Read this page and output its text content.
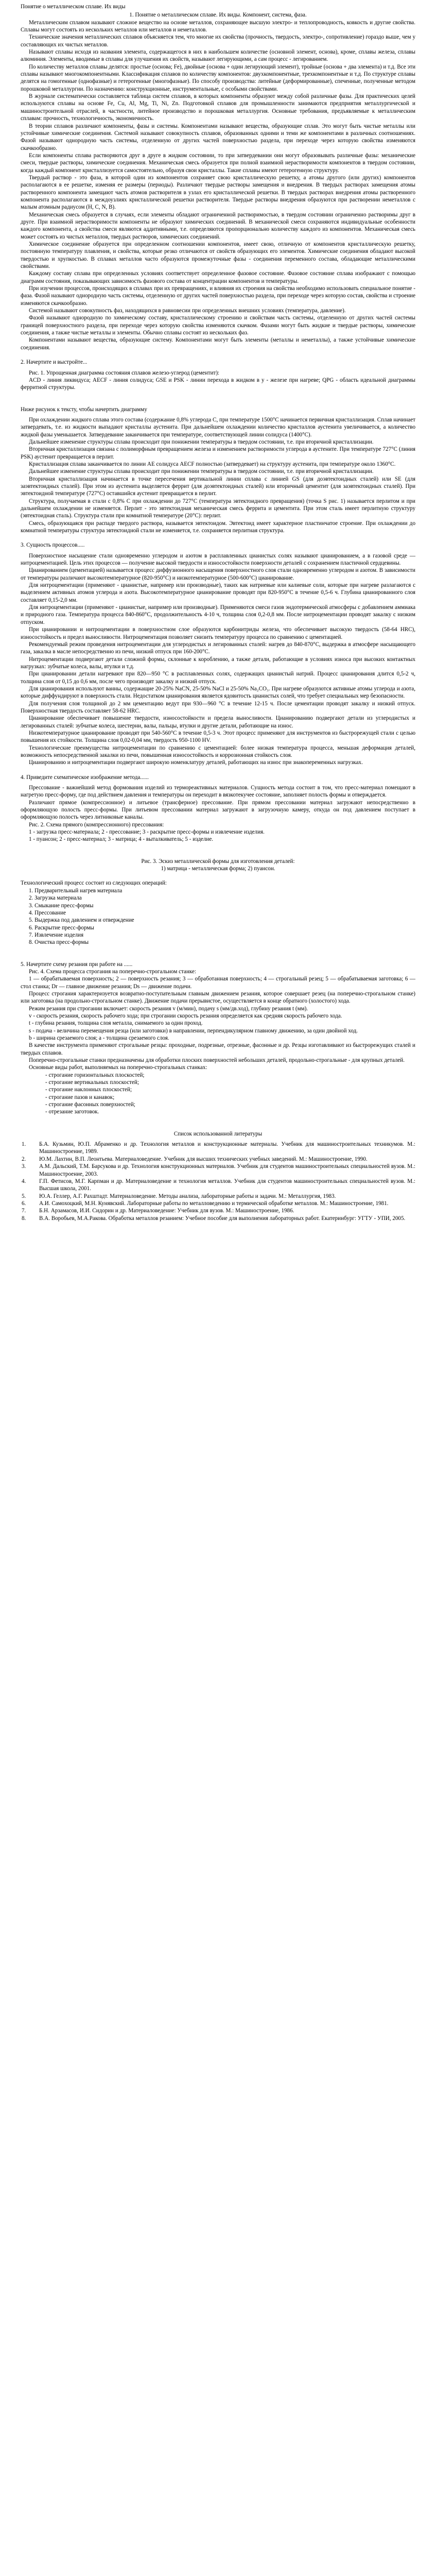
Понятие о металлическом сплаве. Их виды
1. Понятие о металлическом сплаве. Их виды. Компонент, система, фаза.

Металлическим сплавом называют сложное вещество на основе металлов, сохраняющее высшую электро- и теплопроводность, ковкость и другие свойства. Сплавы могут состоять из нескольких металлов или металлов и неметаллов.

Технические значения металлических сплавов объясняется тем, что многие их свойства (прочность, твердость, электро-, сопротивление) гораздо выше, чем у составляющих их чистых металлов.

Называют сплавы исходя из названия элемента, содержащегося в них в наибольшем количестве (основной элемент, основа), кроме, сплавы железа, сплавы алюминия. Элементы, вводимые в сплавы для улучшения их свойств, называют легирующими, а сам процесс - легированием.

По количеству металлов сплавы делятся: простые (основа; Fe), двойные (основа + один легирующий элемент), тройные (основа + два элемента) и т.д. Все эти сплавы называют многокомпонентными. Классификация сплавов по количеству компонентов: двухкомпонентные, трехкомпонентные и т.д. По структуре сплавы делятся на гомогенные (однофазные) и гетерогенные (многофазные). По способу производства: литейные (деформированные), спеченные, полученные методом порошковой металлургии. По назначению: конструкционные, инструментальные, с особыми свойствами.

В журнале систематически составляется таблица систем сплавов, в которых компоненты образуют между собой различные фазы. Для практических целей используются сплавы на основе Fe, Cu, Al, Mg, Ti, Ni, Zn. Подготовкой сплавов для промышленности занимаются предприятия металлургической и машиностроительной отраслей, в частности, литейное производство и порошковая металлургия. Основные требования, предъявляемые к металлическим сплавам: прочность, технологичность, экономичность.

В теории сплавов различают компоненты, фазы и системы. Компонентами называют вещества, образующие сплав. Это могут быть чистые металлы или устойчивые химические соединения. Системой называют совокупность сплавов, образованных одними и теми же компонентами в различных соотношениях. Фазой называют однородную часть системы, отделенную от других частей поверхностью раздела, при переходе через которую свойства изменяются скачкообразно.

Если компоненты сплава растворяются друг в друге в жидком состоянии, то при затвердевании они могут образовывать различные фазы: механические смеси, твердые растворы, химические соединения. Механическая смесь образуется при полной взаимной нерастворимости компонентов в твердом состоянии, когда каждый компонент кристаллизуется самостоятельно, образуя свои кристаллы. Такие сплавы имеют гетерогенную структуру.

Твердый раствор - это фаза, в которой один из компонентов сохраняет свою кристаллическую решетку, а атомы другого (или других) компонентов располагаются в ее решетке, изменяя ее размеры (периоды). Различают твердые растворы замещения и внедрения. В твердых растворах замещения атомы растворенного компонента замещают часть атомов растворителя в узлах его кристаллической решетки. В твердых растворах внедрения атомы растворенного компонента располагаются в междоузлиях кристаллической решетки растворителя. Твердые растворы внедрения образуются при растворении неметаллов с малым атомным радиусом (H, C, N, B).

Механическая смесь образуется в случаях, если элементы обладают ограниченной растворимостью, в твердом состоянии ограниченно растворимы друг в друге. При взаимной нерастворимости компоненты не образуют химических соединений. В механической смеси сохраняются индивидуальные особенности каждого компонента, а свойства смеси являются аддитивными, т.е. определяются пропорционально количеству каждого из компонентов. Механическая смесь может состоять из чистых металлов, твердых растворов, химических соединений.

Химическое соединение образуется при определенном соотношении компонентов, имеет свою, отличную от компонентов кристаллическую решетку, постоянную температуру плавления, и свойства, которые резко отличаются от свойств образующих его элементов. Химические соединения обладают высокой твердостью и хрупкостью. В сплавах металлов часто образуются промежуточные фазы - соединения переменного состава, обладающие металлическими свойствами.

Каждому составу сплава при определенных условиях соответствует определенное фазовое состояние. Фазовое состояние сплава изображают с помощью диаграмм состояния, показывающих зависимость фазового состава от концентрации компонентов и температуры.

При изучении процессов, происходящих в сплавах при их превращениях, и влияния их строения на свойства необходимо использовать специальное понятие - фаза. Фазой называют однородную часть системы, отделенную от других частей поверхностью раздела, при переходе через которую состав, свойства и строение изменяются скачкообразно.

Системой называют совокупность фаз, находящихся в равновесии при определенных внешних условиях (температура, давление).

Фазой называют однородную по химическому составу, кристаллическому строению и свойствам часть системы, отделенную от других частей системы границей поверхностного раздела, при переходе через которую свойства изменяются скачком. Фазами могут быть жидкие и твердые растворы, химические соединения, а также чистые металлы и элементы. Обычно сплавы состоят из нескольких фаз.

Компонентами называют вещества, образующие систему. Компонентами могут быть элементы (металлы и неметаллы), а также устойчивые химические соединения.

2. Начертите и выстройте...

Рис. 1. Упрощенная диаграмма состояния сплавов железо-углерод (цементит):

ACD - линия ликвидуса; AECF - линия солидуса; GSE и PSK - линии перехода в жидком в у - железе при нагреве; QPG - область идеальной диаграммы ферритной структуры.

Ниже рисунок к тексту, чтобы начертить диаграмму

При охлаждении жидкого сплава этого состава (содержание 0,8% углерода С, при температуре 1500°С начинается первичная кристаллизация. Сплав начинает затвердевать, т.е. из жидкости выпадают кристаллы аустенита. При дальнейшем охлаждении количество кристаллов аустенита увеличивается, а количество жидкой фазы уменьшается. Затвердевание заканчивается при температуре, соответствующей линии солидуса (1400°С).

Дальнейшее изменение структуры сплава происходит при понижении температуры в твердом состоянии, т.е. при вторичной кристаллизации.

Вторичная кристаллизация связана с полиморфным превращением железа и изменением растворимости углерода в аустените. При температуре 727°С (линия PSK) аустенит превращается в перлит.

Кристаллизация сплава заканчивается по линии AE солидуса AECF полностью (затвердевает) на структуру аустенита, при температуре около 1360°С.

Дальнейшее изменение структуры сплава происходит при понижении температуры в твердом состоянии, т.е. при вторичной кристаллизации.

Вторичная кристаллизация начинается в точке пересечения вертикальной линии сплава с линией GS (для доэвтектоидных сталей) или SE (для заэвтектоидных сталей). При этом из аустенита выделяется феррит (для доэвтектоидных сталей) или вторичный цементит (для заэвтектоидных сталей). При эвтектоидной температуре (727°С) оставшийся аустенит превращается в перлит.

Структура, получаемая в стали с 0,8% С при охлаждении до 727°С (температура эвтектоидного превращения) (точка S рис. 1) называется перлитом и при дальнейшем охлаждении не изменяется. Перлит - это эвтектоидная механическая смесь феррита и цементита. При этом сталь имеет перлитную структуру (эвтектоидная сталь). Структура стали при комнатной температуре (20°С): перлит.

Смесь, образующаяся при распаде твердого раствора, называется эвтектоидом. Эвтектоид имеет характерное пластинчатое строение. При охлаждении до комнатной температуры структура эвтектоидной стали не изменяется, т.е. сохраняется перлитная структура.

3. Сущность процессов.....

Поверхностное насыщение стали одновременно углеродом и азотом в расплавленных цианистых солях называют цианированием, а в газовой среде — нитроцементацией. Цель этих процессов — получение высокой твердости и износостойкости поверхности деталей с сохранением пластичной сердцевины.

Цианированием (цементацией) называется процесс диффузионного насыщения поверхностного слоя стали одновременно углеродом и азотом. В зависимости от температуры различают высокотемпературное (820-950°С) и низкотемпературное (500-600°С) цианирование.

Для нитроцементации (применяют - цианистые, например или производные), таких как натриевые или калиевые соли, которые при нагреве разлагаются с выделением активных атомов углерода и азота. Высокотемпературное цианирование проводят при 820-950°С в течение 0,5-6 ч. Глубина цианированного слоя составляет 0,15-2,0 мм.

Для нитроцементации (применяют - цианистые, например или производные). Применяются смеси газов эндотермической атмосферы с добавлением аммиака и природного газа. Температура процесса 840-860°С, продолжительность 4-10 ч, толщина слоя 0,2-0,8 мм. После нитроцементации проводят закалку с низким отпуском.

При цианировании и нитроцементации в поверхностном слое образуются карбонитриды железа, что обеспечивает высокую твердость (58-64 HRC), износостойкость и предел выносливости. Нитроцементация позволяет снизить температуру процесса по сравнению с цементацией.

Рекомендуемый режим проведения нитроцементации для углеродистых и легированных сталей: нагрев до 840-870°С, выдержка в атмосфере насыщающего газа, закалка в масле непосредственно из печи, низкий отпуск при 160-200°С.

Нитроцементации подвергают детали сложной формы, склонные к короблению, а также детали, работающие в условиях износа при высоких контактных нагрузках: зубчатые колеса, валы, втулки и т.д.

При цианировании детали нагревают при 820—950 °С в расплавленных солях, содержащих цианистый натрий. Процесс цианирования длится 0,5-2 ч, толщина слоя от 0,15 до 0,6 мм, после чего производят закалку и низкий отпуск.

Для цианирования используют ванны, содержащие 20-25% NaCN, 25-50% NaCl и 25-50% Na₂CO₃. При нагреве образуются активные атомы углерода и азота, которые диффундируют в поверхность стали. Недостатком цианирования является ядовитость цианистых солей, что требует специальных мер безопасности.

Для получения слоя толщиной до 2 мм цементацию ведут при 930—960 °С в течение 12-15 ч. После цементации проводят закалку и низкий отпуск. Поверхностная твердость составляет 58-62 HRC.

Цианирование обеспечивает повышение твердости, износостойкости и предела выносливости. Цианированию подвергают детали из углеродистых и легированных сталей: зубчатые колеса, шестерни, валы, пальцы, втулки и другие детали, работающие на износ.

Низкотемпературное цианирование проводят при 540-560°С в течение 0,5-3 ч. Этот процесс применяют для инструментов из быстрорежущей стали с целью повышения их стойкости. Толщина слоя 0,02-0,04 мм, твердость 950-1100 HV.

Технологические преимущества нитроцементации по сравнению с цементацией: более низкая температура процесса, меньшая деформация деталей, возможность непосредственной закалки из печи, повышенная износостойкость и коррозионная стойкость слоя.

Цианированию и нитроцементации подвергают широкую номенклатуру деталей, работающих на износ при знакопеременных нагрузках.

4. Приведите схематическое изображение метода......

Прессование - важнейший метод формования изделий из термореактивных материалов. Сущность метода состоит в том, что пресс-материал помещают в нагретую пресс-форму, где под действием давления и температуры он переходит в вязкотекучее состояние, заполняет полость формы и отверждается.

Различают прямое (компрессионное) и литьевое (трансферное) прессование. При прямом прессовании материал загружают непосредственно в оформляющую полость пресс-формы. При литьевом прессовании материал загружают в загрузочную камеру, откуда он под давлением поступает в оформляющую полость через литниковые каналы.

Рис. 2. Схема прямого (компрессионного) прессования:

1 - загрузка пресс-материала; 2 - прессование; 3 - раскрытие пресс-формы и извлечение изделия.

1 - пуансон; 2 - пресс-материал; 3 - матрица; 4 - выталкиватель; 5 - изделие.

Рис. 3. Эскиз металлической формы для изготовления деталей:
1) матрица - металлическая форма; 2) пуансон.
Технологический процесс состоит из следующих операций:
1. Предварительный нагрев материала
2. Загрузка материала
3. Смыкание пресс-формы
4. Прессование
5. Выдержка под давлением и отверждение
6. Раскрытие пресс-формы
7. Извлечение изделия
8. Очистка пресс-формы
5. Начертите схему резания при работе на ......

Рис. 4. Схема процесса строгания на поперечно-строгальном станке:

1 — обрабатываемая поверхность; 2 — поверхность резания; 3 — обработанная поверхность; 4 — строгальный резец; 5 — обрабатываемая заготовка; 6 — стол станка; Dr — главное движение резания; Ds — движение подачи.

Процесс строгания характеризуется возвратно-поступательным главным движением резания, которое совершает резец (на поперечно-строгальном станке) или заготовка (на продольно-строгальном станке). Движение подачи прерывистое, осуществляется в конце обратного (холостого) хода.

Режим резания при строгании включает: скорость резания v (м/мин), подачу s (мм/дв.ход), глубину резания t (мм).

v - скорость резания, скорость рабочего хода; при строгании скорость резания определяется как средняя скорость рабочего хода.

t - глубина резания, толщина слоя металла, снимаемого за один проход.

s - подача - величина перемещения резца (или заготовки) в направлении, перпендикулярном главному движению, за один двойной ход.

b - ширина срезаемого слоя; a - толщина срезаемого слоя.

В качестве инструмента применяют строгальные резцы: проходные, подрезные, отрезные, фасонные и др. Резцы изготавливают из быстрорежущих сталей и твердых сплавов.

Поперечно-строгальные станки предназначены для обработки плоских поверхностей небольших деталей, продольно-строгальные - для крупных деталей.

Основные виды работ, выполняемых на поперечно-строгальных станках:

- строгание горизонтальных плоскостей;
- строгание вертикальных плоскостей;
- строгание наклонных плоскостей;
- строгание пазов и канавок;
- строгание фасонных поверхностей;
- отрезание заготовок.
Список использованной литературы
1.	Б.А. Кузьмин, Ю.П. Абраменко и др. Технология металлов и конструкционные материалы. Учебник для машиностроительных техникумов. М.: Машиностроение, 1989.
2.	Ю.М. Лахтин, В.П. Леонтьева. Материаловедение. Учебник для высших технических учебных заведений. М.: Машиностроение, 1990.
3.	А.М. Дальский, Т.М. Барсукова и др. Технология конструкционных материалов. Учебник для студентов машиностроительных специальностей вузов. М.: Машиностроение, 2003.
4.	Г.П. Фетисов, М.Г. Карпман и др. Материаловедение и технология металлов. Учебник для студентов машиностроительных специальностей вузов. М.: Высшая школа, 2001.
5.	Ю.А. Геллер, А.Г. Рахштадт. Материаловедение. Методы анализа, лабораторные работы и задачи. М.: Металлургия, 1983.
6.	А.И. Самохоцкий, М.Н. Кунявский. Лабораторные работы по металловедению и термической обработке металлов. М.: Машиностроение, 1981.
7.	Б.Н. Арзамасов, И.И. Сидорин и др. Материаловедение: Учебник для вузов. М.: Машиностроение, 1986.
8.	В.А. Воробьев, М.А.Ракова. Обработка металлов резанием: Учебное пособие для выполнения лабораторных работ. Екатеринбург: УГТУ - УПИ, 2005.
